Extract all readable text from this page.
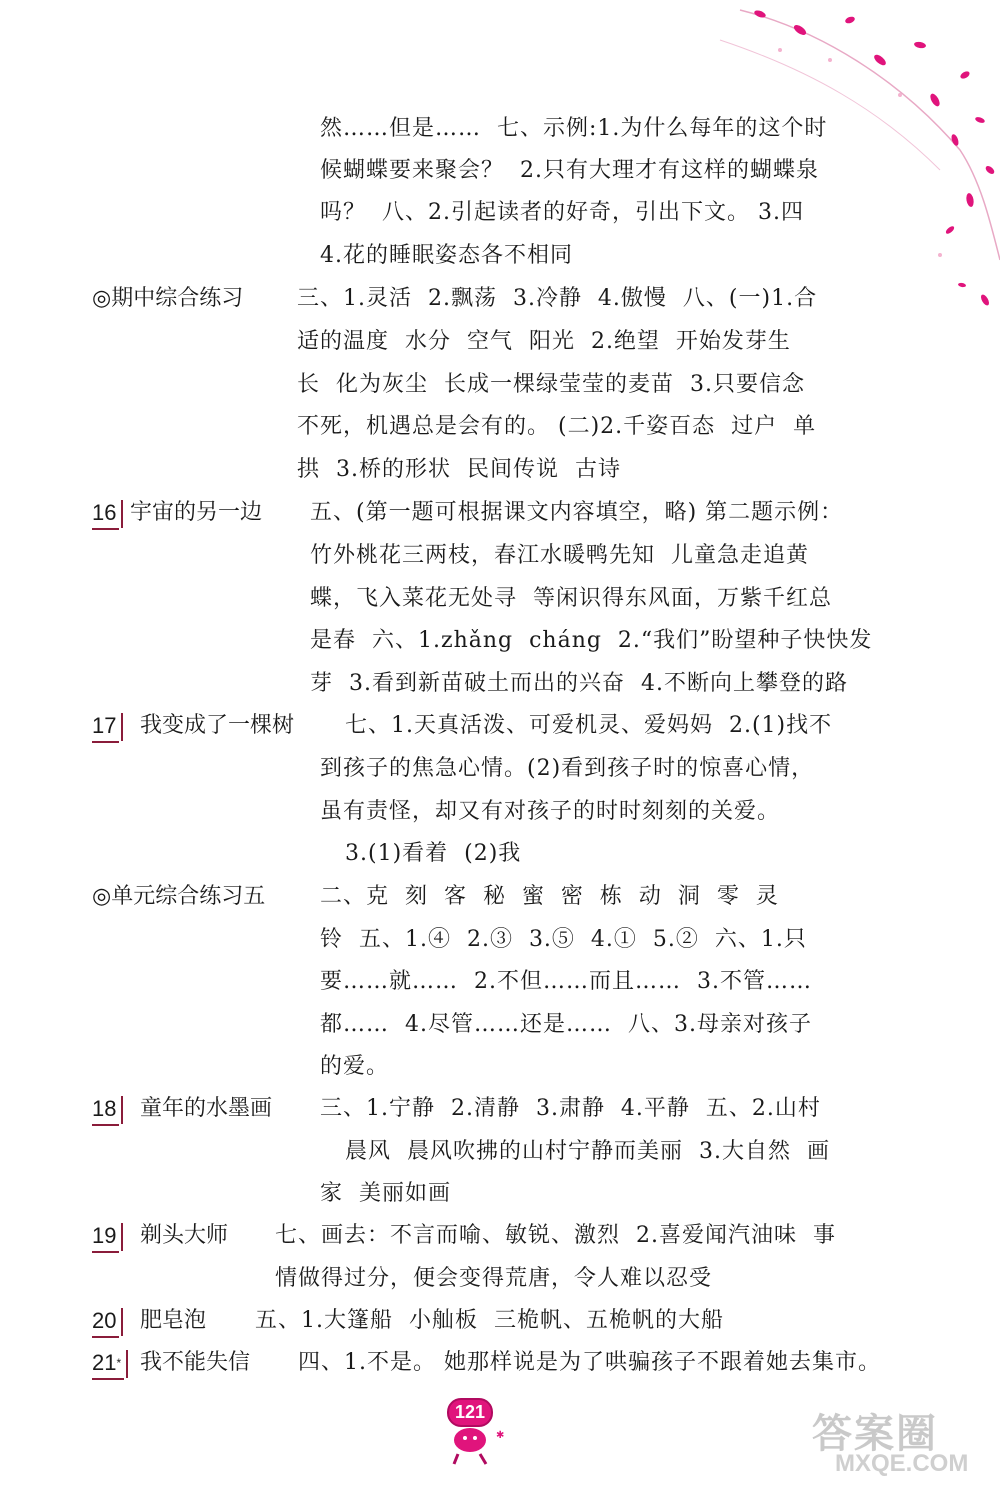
然……但是……  七、示例:1.为什么每年的这个时
候蝴蝶要来聚会？  2.只有大理才有这样的蝴蝶泉
吗？  八、2.引起读者的好奇，引出下文。 3.四
4.花的睡眠姿态各不相同
◎期中综合练习 三、1.灵活  2.飘荡  3.冷静  4.傲慢  八、(一)1.合
适的温度  水分  空气  阳光  2.绝望  开始发芽生
长  化为灰尘  长成一棵绿莹莹的麦苗  3.只要信念
不死，机遇总是会有的。 (二)2.千姿百态  过户  单
拱  3.桥的形状  民间传说  古诗
16 宇宙的另一边 五、(第一题可根据课文内容填空，略) 第二题示例：
竹外桃花三两枝，春江水暖鸭先知  儿童急走追黄
蝶，飞入菜花无处寻  等闲识得东风面，万紫千红总
是春  六、1.zhǎng  cháng  2.“我们”盼望种子快快发
芽  3.看到新苗破土而出的兴奋  4.不断向上攀登的路
17 我变成了一棵树 七、1.天真活泼、可爱机灵、爱妈妈  2.(1)找不
到孩子的焦急心情。(2)看到孩子时的惊喜心情，
虽有责怪，却又有对孩子的时时刻刻的关爱。
3.(1)看着  (2)我
◎单元综合练习五 二、克  刻  客  秘  蜜  密  栋  动  洞  零  灵
铃  五、1.④  2.③  3.⑤  4.①  5.②  六、1.只
要……就……  2.不但……而且……  3.不管……
都……  4.尽管……还是……  八、3.母亲对孩子
的爱。
18 童年的水墨画 三、1.宁静  2.清静  3.肃静  4.平静  五、2.山村
晨风  晨风吹拂的山村宁静而美丽  3.大自然  画
家  美丽如画
19 剃头大师 七、画去：不言而喻、敏锐、激烈  2.喜爱闻汽油味  事
情做得过分，便会变得荒唐，令人难以忍受
20 肥皂泡 五、1.大篷船  小舢板  三桅帆、五桅帆的大船
21* 我不能失信 四、1.不是。 她那样说是为了哄骗孩子不跟着她去集市。
121
✱	答案圈
MXQE.COM
